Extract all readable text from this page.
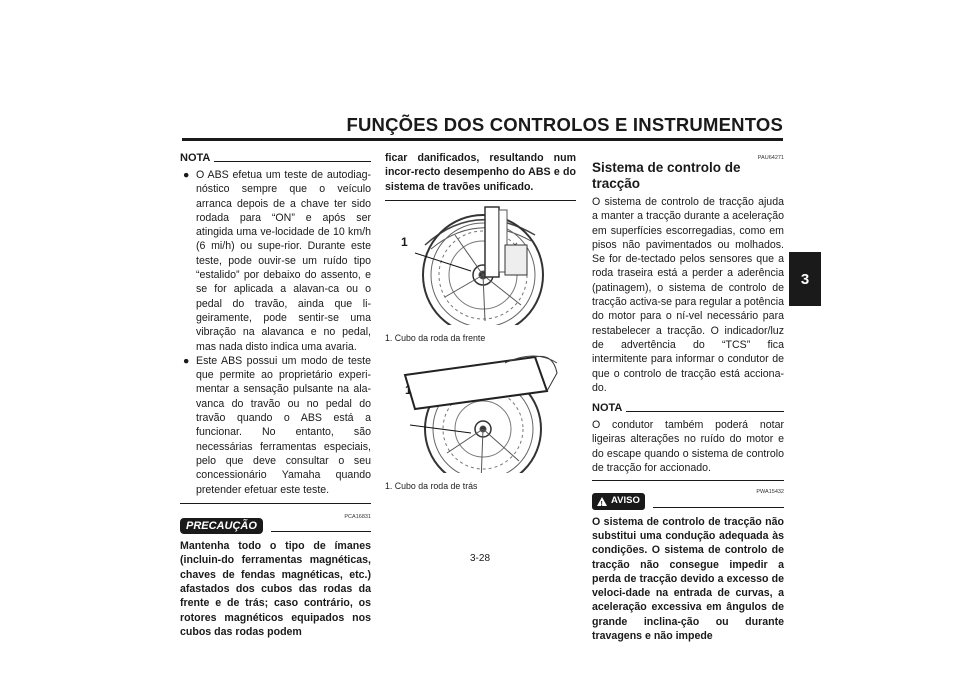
FUNÇÕES DOS CONTROLOS E INSTRUMENTOS
3
NOTA
● O ABS efetua um teste de autodiag-nóstico sempre que o veículo arranca depois de a chave ter sido rodada para “ON” e após ser atingida uma ve-locidade de 10 km/h (6 mi/h) ou supe-rior. Durante este teste, pode ouvir-se um ruído tipo “estalido” por debaixo do assento, e se for aplicada a alavan-ca ou o pedal do travão, ainda que li-geiramente, pode sentir-se uma vibração na alavanca e no pedal, mas nada disto indica uma avaria.
● Este ABS possui um modo de teste que permite ao proprietário experi-mentar a sensação pulsante na ala-vanca do travão ou no pedal do travão quando o ABS está a funcionar. No entanto, são necessárias ferramentas especiais, pelo que deve consultar o seu concessionário Yamaha quando pretender efetuar este teste.
PCA16831
PRECAUÇÃO
Mantenha todo o tipo de ímanes (incluin-do ferramentas magnéticas, chaves de fendas magnéticas, etc.) afastados dos cubos das rodas da frente e de trás; caso contrário, os rotores magnéticos equipados nos cubos das rodas podem
ficar danificados, resultando num incor-recto desempenho do ABS e do sistema de travões unificado.
1
1. Cubo da roda da frente
1
1. Cubo da roda de trás
PAU64271
Sistema de controlo de tracção
O sistema de controlo de tracção ajuda a manter a tracção durante a aceleração em superfícies escorregadias, como em pisos não pavimentados ou molhados. Se for de-tectado pelos sensores que a roda traseira está a perder a aderência (patinagem), o sistema de controlo de tracção activa-se para regular a potência do motor para o ní-vel necessário para restabelecer a tracção. O indicador/luz de advertência do “TCS” fica intermitente para informar o condutor de que o controlo de tracção está acciona-do.
NOTA
O condutor também poderá notar ligeiras alterações no ruído do motor e do escape quando o sistema de controlo de tracção for accionado.
PWA15432
! AVISO
O sistema de controlo de tracção não substitui uma condução adequada às condições. O sistema de controlo de tracção não consegue impedir a perda de tracção devido a excesso de veloci-dade na entrada de curvas, a aceleração excessiva em ângulos de grande inclina-ção ou durante travagens e não impede
3-28
